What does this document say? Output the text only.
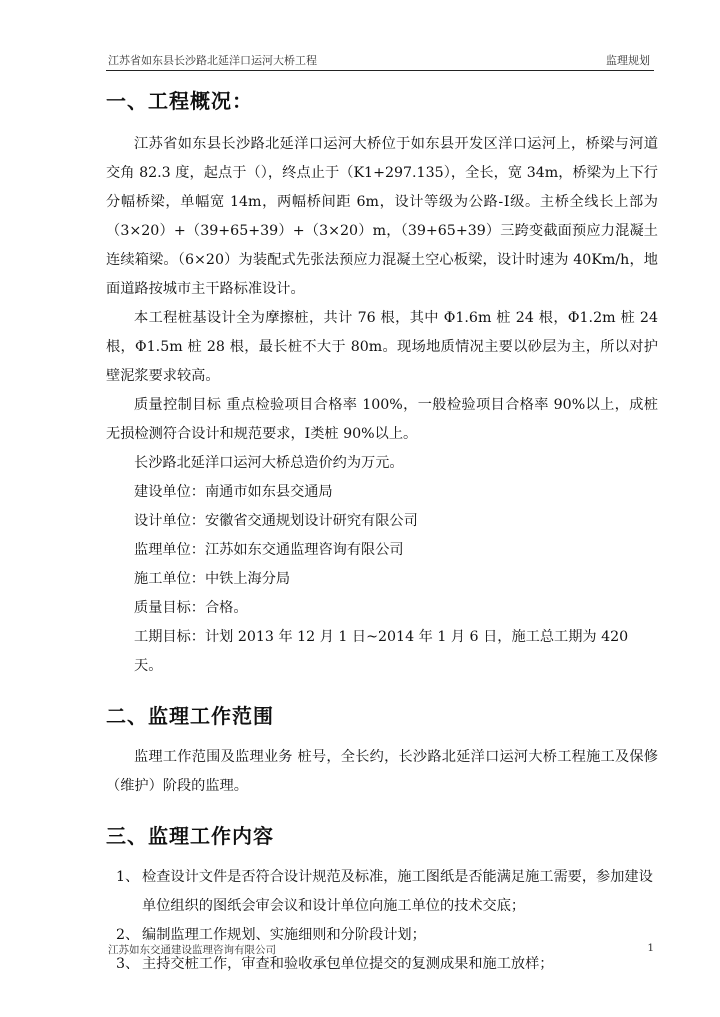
江苏省如东县长沙路北延洋口运河大桥工程	监理规划
一、工程概况：

江苏省如东县长沙路北延洋口运河大桥位于如东县开发区洋口运河上，桥梁与河道交角 82.3 度，起点于（），终点止于（K1+297.135），全长，宽 34m，桥梁为上下行分幅桥梁，单幅宽 14m，两幅桥间距 6m，设计等级为公路-Ⅰ级。主桥全线长上部为（3×20）+（39+65+39）+（3×20）m，（39+65+39）三跨变截面预应力混凝土连续箱梁。（6×20）为装配式先张法预应力混凝土空心板梁，设计时速为 40Km/h，地面道路按城市主干路标准设计。

本工程桩基设计全为摩擦桩，共计 76 根，其中 Φ1.6m 桩 24 根，Φ1.2m 桩 24 根，Φ1.5m 桩 28 根，最长桩不大于 80m。现场地质情况主要以砂层为主，所以对护壁泥浆要求较高。

质量控制目标 重点检验项目合格率 100%，一般检验项目合格率 90%以上，成桩无损检测符合设计和规范要求，Ⅰ类桩 90%以上。

长沙路北延洋口运河大桥总造价约为万元。

建设单位：南通市如东县交通局

设计单位：安徽省交通规划设计研究有限公司

监理单位：江苏如东交通监理咨询有限公司

施工单位：中铁上海分局

质量目标：合格。

工期目标：计划 2013 年 12 月 1 日~2014 年 1 月 6 日，施工总工期为 420 天。

二、监理工作范围

监理工作范围及监理业务 桩号，全长约，长沙路北延洋口运河大桥工程施工及保修（维护）阶段的监理。

三、监理工作内容
1、 检查设计文件是否符合设计规范及标准，施工图纸是否能满足施工需要，参加建设单位组织的图纸会审会议和设计单位向施工单位的技术交底；
2、 编制监理工作规划、实施细则和分阶段计划；
3、 主持交桩工作，审查和验收承包单位提交的复测成果和施工放样；
江苏如东交通建设监理咨询有限公司	1
